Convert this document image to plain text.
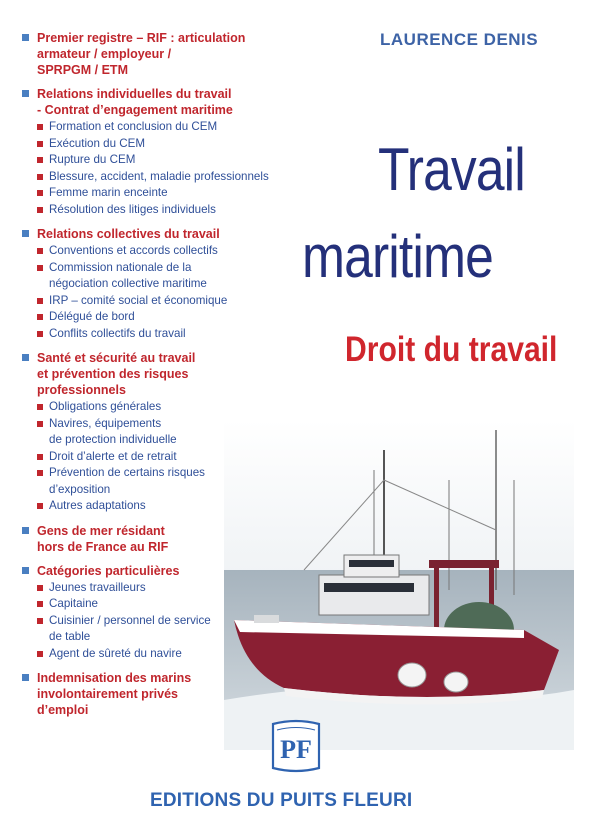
Premier registre – RIF : articulation
armateur / employeur /
SPRPGM / ETM
Relations individuelles du travail
- Contrat d’engagement maritime
Formation et conclusion du CEM
Exécution du CEM
Rupture du CEM
Blessure, accident, maladie professionnels
Femme marin enceinte
Résolution des litiges individuels
Relations collectives du travail
Conventions et accords collectifs
Commission nationale de la
négociation collective maritime
IRP – comité social et économique
Délégué de bord
Conflits collectifs du travail
Santé et sécurité au travail
et prévention des risques
professionnels
Obligations générales
Navires, équipements
de protection individuelle
Droit d’alerte et de retrait
Prévention de certains risques
d’exposition
Autres adaptations
Gens de mer résidant
hors de France au RIF
Catégories particulières
Jeunes travailleurs
Capitaine
Cuisinier / personnel de service
de table
Agent de sûreté du navire
Indemnisation des marins
involontairement privés
d’emploi
LAURENCE DENIS
Travail
maritime
Droit du travail
PF
EDITIONS DU PUITS FLEURI
